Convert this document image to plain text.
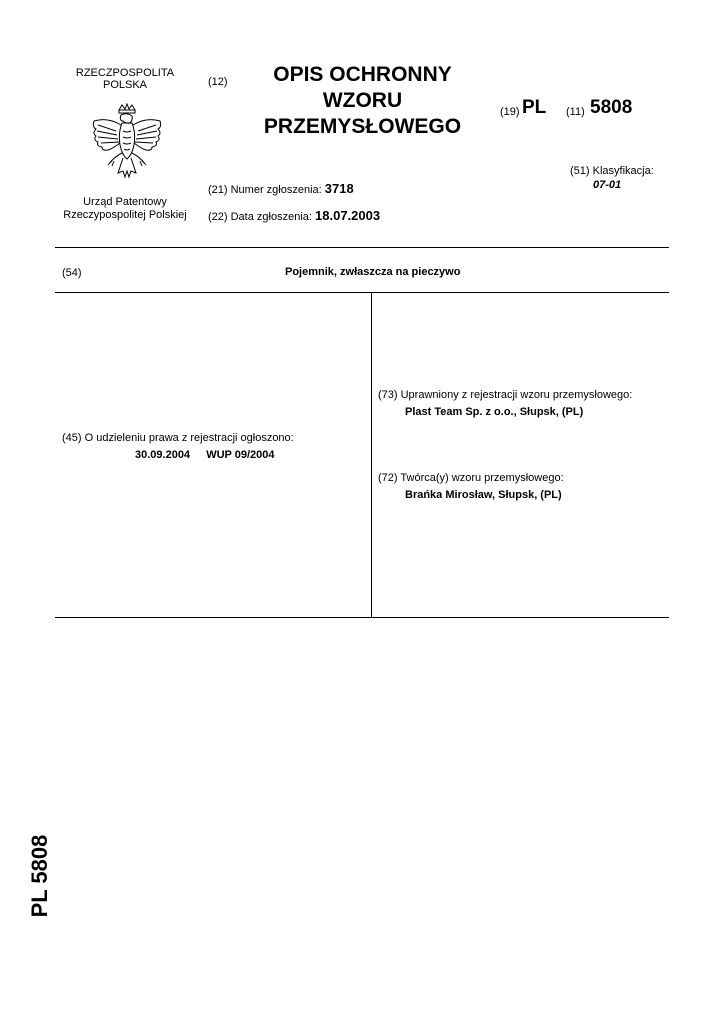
RZECZPOSPOLITA
POLSKA
Urząd Patentowy
Rzeczypospolitej Polskiej
(12)	OPIS OCHRONNY
WZORU
PRZEMYSŁOWEGO
(19) PL (11) 5808
(21) Numer zgłoszenia: 3718
(22) Data zgłoszenia: 18.07.2003
(51) Klasyfikacja:
07-01
(54)	Pojemnik, zwłaszcza na pieczywo
(45) O udzieleniu prawa z rejestracji ogłoszono:
30.09.2004 WUP 09/2004
(73) Uprawniony z rejestracji wzoru przemysłowego:
Plast Team Sp. z o.o., Słupsk, (PL)
(72) Twórca(y) wzoru przemysłowego:
Brańka Mirosław, Słupsk, (PL)
PL 5808
